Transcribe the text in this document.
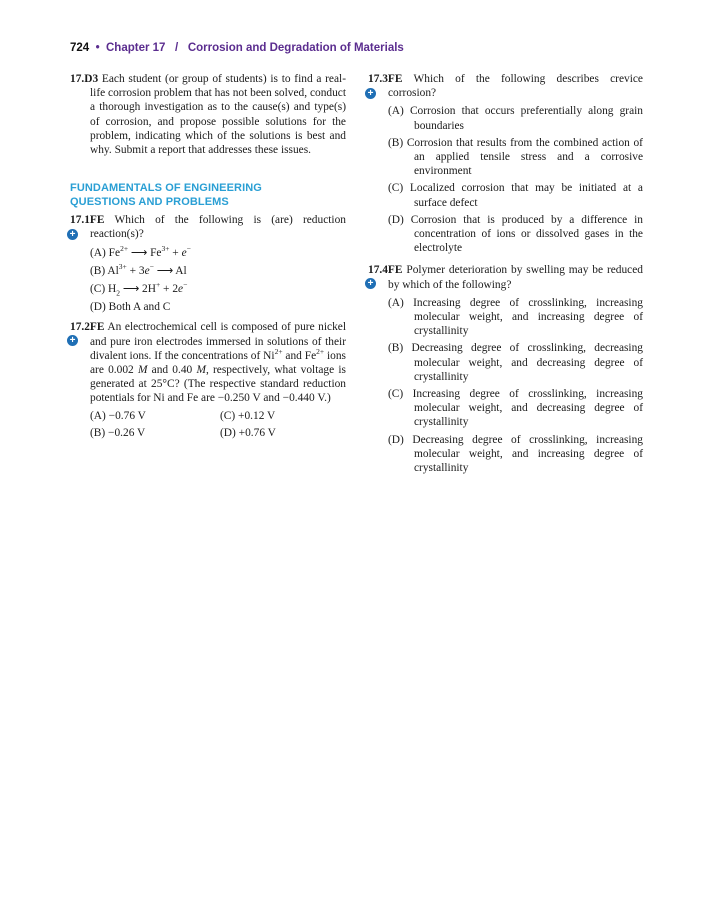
724 • Chapter 17 / Corrosion and Degradation of Materials

17.D3 Each student (or group of students) is to find a real-life corrosion problem that has not been solved, conduct a thorough investigation as to the cause(s) and type(s) of corrosion, and propose possible solutions for the problem, indicating which of the solutions is best and why. Submit a report that addresses these issues.

FUNDAMENTALS OF ENGINEERING
QUESTIONS AND PROBLEMS
+

17.1FE Which of the following is (are) reduction reaction(s)?

(A) $Fe^{2+}$ ⟶ $Fe^{3+} + e^-$
(B) $Al^{3+} + 3e^-$ ⟶ Al
(C) $H_2$ ⟶ 2H+ + 2e−
(D) Both A and C
+

17.2FE An electrochemical cell is composed of pure nickel and pure iron electrodes immersed in solutions of their divalent ions. If the concentrations of $Ni^{2+}$ and $Fe^{2+}$ ions are 0.002 M and 0.40 M, respectively, what voltage is generated at 25°C? (The respective standard reduction potentials for Ni and Fe are −0.250 V and −0.440 V.)

(A) −0.76 V	(C) +0.12 V
(B) −0.26 V	(D) +0.76 V
+

17.3FE Which of the following describes crevice corrosion?

(A) Corrosion that occurs preferentially along grain boundaries
(B) Corrosion that results from the combined action of an applied tensile stress and a corrosive environment
(C) Localized corrosion that may be initiated at a surface defect
(D) Corrosion that is produced by a difference in concentration of ions or dissolved gases in the electrolyte
+

17.4FE Polymer deterioration by swelling may be reduced by which of the following?

(A) Increasing degree of crosslinking, increasing molecular weight, and increasing degree of crystallinity
(B) Decreasing degree of crosslinking, decreasing molecular weight, and decreasing degree of crystallinity
(C) Increasing degree of crosslinking, increasing molecular weight, and decreasing degree of crystallinity
(D) Decreasing degree of crosslinking, increasing molecular weight, and increasing degree of crystallinity
